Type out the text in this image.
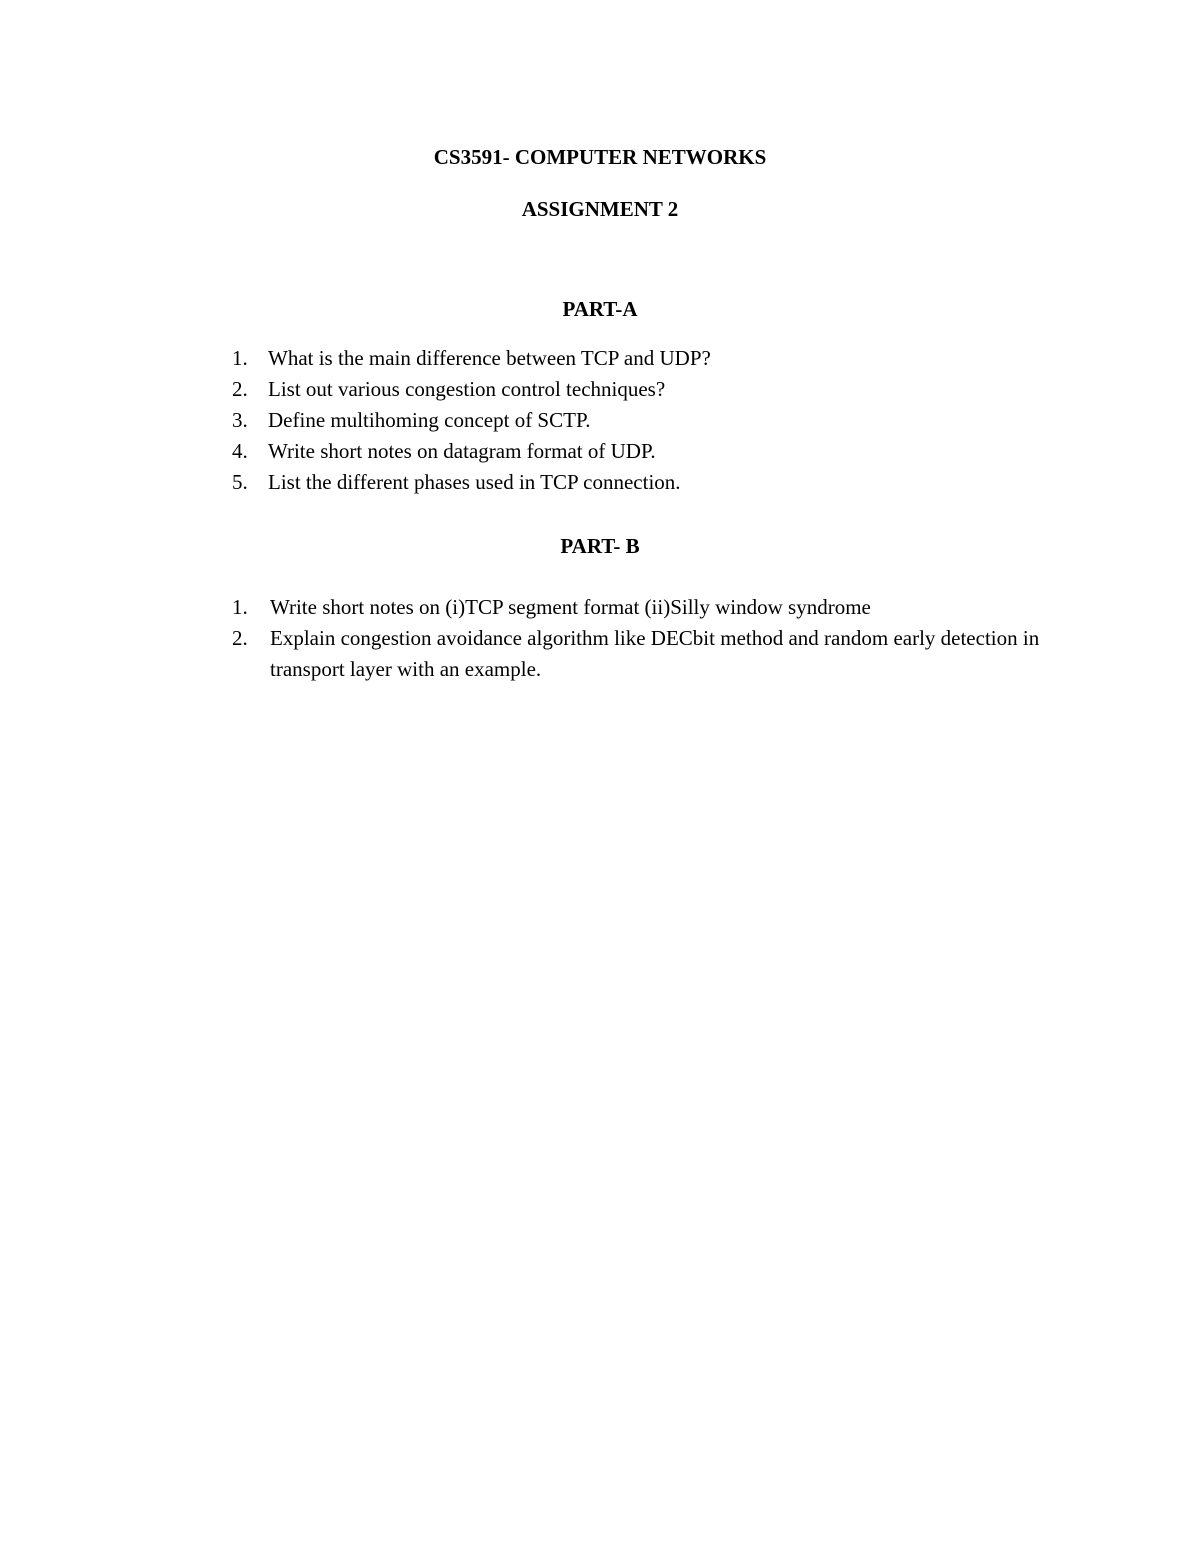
CS3591- COMPUTER NETWORKS
ASSIGNMENT 2
PART-A
1. What is the main difference between TCP and UDP?
2. List out various congestion control techniques?
3. Define multihoming concept of SCTP.
4. Write short notes on datagram format of UDP.
5. List the different phases used in TCP connection.
PART- B
1. Write short notes on (i)TCP segment format (ii)Silly window syndrome
2. Explain congestion avoidance algorithm like DECbit method and random early detection in transport layer with an example.
